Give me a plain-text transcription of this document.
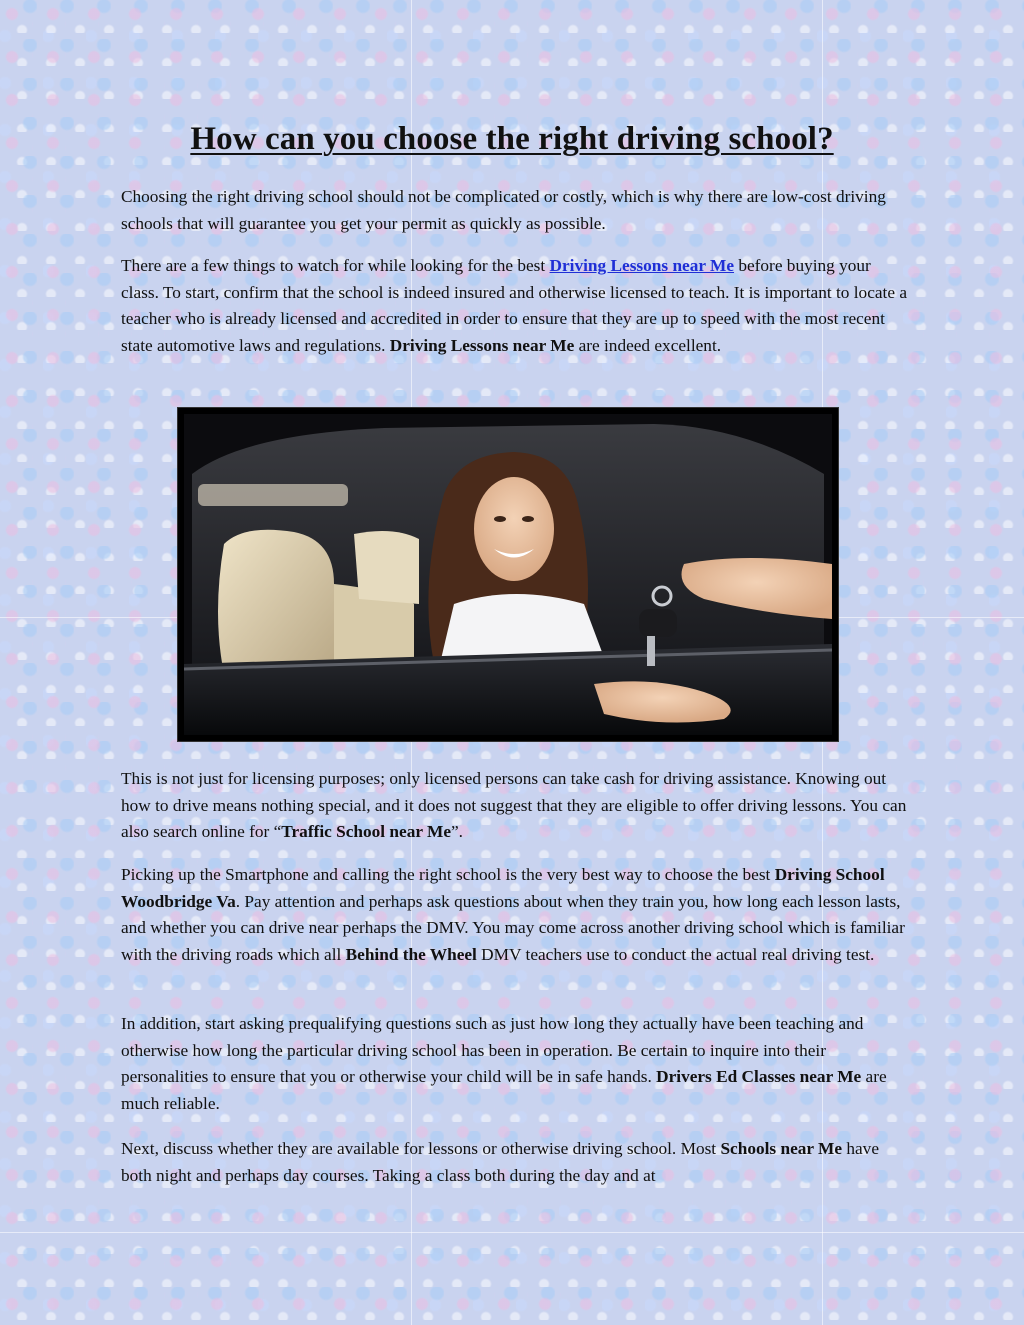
How can you choose the right driving school?

Choosing the right driving school should not be complicated or costly, which is why there are low-cost driving schools that will guarantee you get your permit as quickly as possible.

There are a few things to watch for while looking for the best Driving Lessons near Me before buying your class. To start, confirm that the school is indeed insured and otherwise licensed to teach. It is important to locate a teacher who is already licensed and accredited in order to ensure that they are up to speed with the most recent state automotive laws and regulations. Driving Lessons near Me are indeed excellent.

This is not just for licensing purposes; only licensed persons can take cash for driving assistance. Knowing out how to drive means nothing special, and it does not suggest that they are eligible to offer driving lessons. You can also search online for “Traffic School near Me”.

Picking up the Smartphone and calling the right school is the very best way to choose the best Driving School Woodbridge Va. Pay attention and perhaps ask questions about when they train you, how long each lesson lasts, and whether you can drive near perhaps the DMV. You may come across another driving school which is familiar with the driving roads which all Behind the Wheel DMV teachers use to conduct the actual real driving test.

In addition, start asking prequalifying questions such as just how long they actually have been teaching and otherwise how long the particular driving school has been in operation. Be certain to inquire into their personalities to ensure that you or otherwise your child will be in safe hands. Drivers Ed Classes near Me are much reliable.

Next, discuss whether they are available for lessons or otherwise driving school. Most Schools near Me have both night and perhaps day courses. Taking a class both during the day and at
